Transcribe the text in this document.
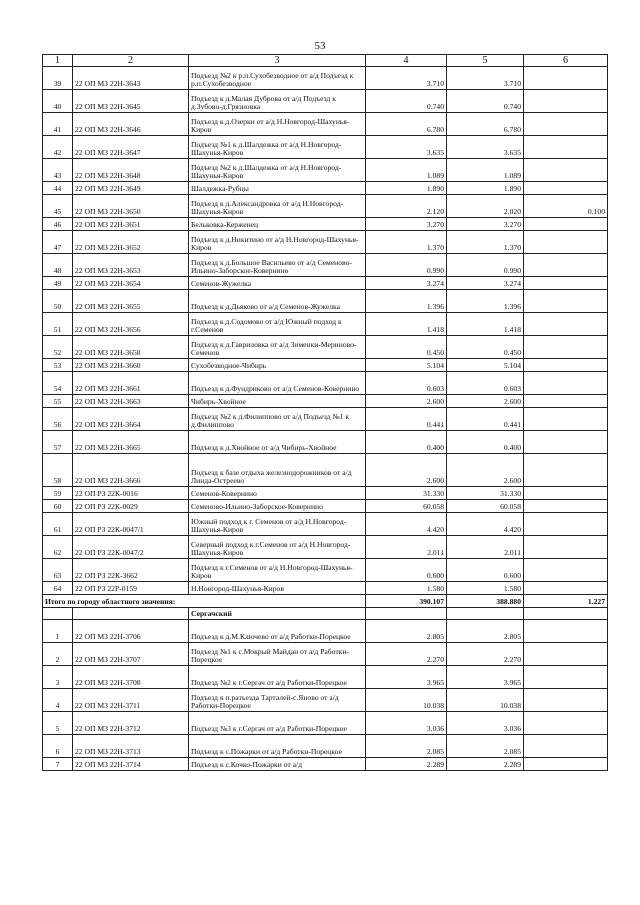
53
1	2	3	4	5	6
39	22 ОП МЗ 22Н-3643	Подъезд №2 к р.п.Сухобезводное от а/д Подъезд к р.п.Сухобезводное	3.710	3.710	
40	22 ОП МЗ 22Н-3645	Подъезд к д.Малая Дуброва от а/д Подъезд к д.Зубово-д.Грязновка	0.740	0.740	
41	22 ОП МЗ 22Н-3646	Подъезд к д.Озерки от а/д Н.Новгород-Шахунья-Киров	6.780	6.780	
42	22 ОП МЗ 22Н-3647	Подъезд №1 к д.Шалдежка от а/д Н.Новгород-Шахунья-Киров	3.635	3.635	
43	22 ОП МЗ 22Н-3648	Подъезд №2 к д.Шалдежка от а/д Н.Новгород-Шахунья-Киров	1.089	1.089	
44	22 ОП МЗ 22Н-3649	Шалдежка-Рубцы	1.890	1.890	
45	22 ОП МЗ 22Н-3650	Подъезд к д.Александровка от а/д Н.Новгород-Шахунья-Киров	2.120	2.020	0.100
46	22 ОП МЗ 22Н-3651	Бельковка-Керженец	3.270	3.270	
47	22 ОП МЗ 22Н-3652	Подъезд к д.Никитино от а/д Н.Новгород-Шахунья-Киров	1.370	1.370	
48	22 ОП МЗ 22Н-3653	Подъезд к д.Большое Васильево от а/д Семеново-Ильино-Заборское-Ковернино	0.990	0.990	
49	22 ОП МЗ 22Н-3654	Семенов-Жужелка	3.274	3.274	
50	22 ОП МЗ 22Н-3655	Подъезд к д.Дьяково от а/д Семенов-Жужелка	1.396	1.396	
51	22 ОП МЗ 22Н-3656	Подъезд к д.Содомово от а/д Южный подход к г.Семенов	1.418	1.418	
52	22 ОП МЗ 22Н-3658	Подъезд к д.Гавриловка от а/д Зименки-Мериново-Семенов	0.450	0.450	
53	22 ОП МЗ 22Н-3660	Сухобезводное-Чибирь	5.104	5.104	
54	22 ОП МЗ 22Н-3661	Подъезд к д.Фундриково от а/д Семенов-Ковернино	0.603	0.603	
55	22 ОП МЗ 22Н-3663	Чибирь-Хвойное	2.600	2.600	
56	22 ОП МЗ 22Н-3664	Подъезд №2 к д.Филиппово от а/д Подъезд №1 к д.Филиппово	0.441	0.441	
57	22 ОП МЗ 22Н-3665	Подъезд к д.Хвойное от а/д Чибирь-Хвойное	0.400	0.400	
58	22 ОП МЗ 22Н-3666	Подъезд к базе отдыха железнодорожников от а/д Линда-Остреево	2.600	2.600	
59	22 ОП РЗ 22К-0016	Семенов-Ковернино	31.330	31.330	
60	22 ОП РЗ 22К-0029	Семеново-Ильино-Заборское-Ковернино	60.058	60.058	
61	22 ОП РЗ 22К-0047/1	Южный подход к г. Семенов от а/д Н.Новгород-Шахунья-Киров	4.420	4.420	
62	22 ОП РЗ 22К-0047/2	Северный подход к г.Семенов от а/д Н.Новгород-Шахунья-Киров	2.011	2.011	
63	22 ОП РЗ 22К-3662	Подъезд к г.Семенов от а/д Н.Новгород-Шахунья-Киров	0.600	0.600	
64	22 ОП РЗ 22Р-0159	Н.Новгород-Шахунья-Киров	1.580	1.580	
Итого по городу областного значения:			390.107	388.880	1.227
		Сергачский			
1	22 ОП МЗ 22Н-3706	Подъезд к д.М.Ключево от а/д Работки-Порецкое	2.805	2.805	
2	22 ОП МЗ 22Н-3707	Подъезд №1 к с.Мокрый Майдан от а/д Работки-Порецкое	2.270	2.270	
3	22 ОП МЗ 22Н-3708	Подъезд №2 к г.Сергач от а/д Работки-Порецкое	3.965	3.965	
4	22 ОП МЗ 22Н-3711	Подъезд к п.разъезда Тарталей-с.Яново от а/д Работки-Порецкое	10.038	10.038	
5	22 ОП МЗ 22Н-3712	Подъезд №3 к г.Сергач от а/д Работки-Порецкое	3.036	3.036	
6	22 ОП МЗ 22Н-3713	Подъезд к с.Пожарки от а/д Работки-Порецкое	2.085	2.085	
7	22 ОП МЗ 22Н-3714	Подъезд к с.Кочко-Пожарки от а/д	2.289	2.289	
